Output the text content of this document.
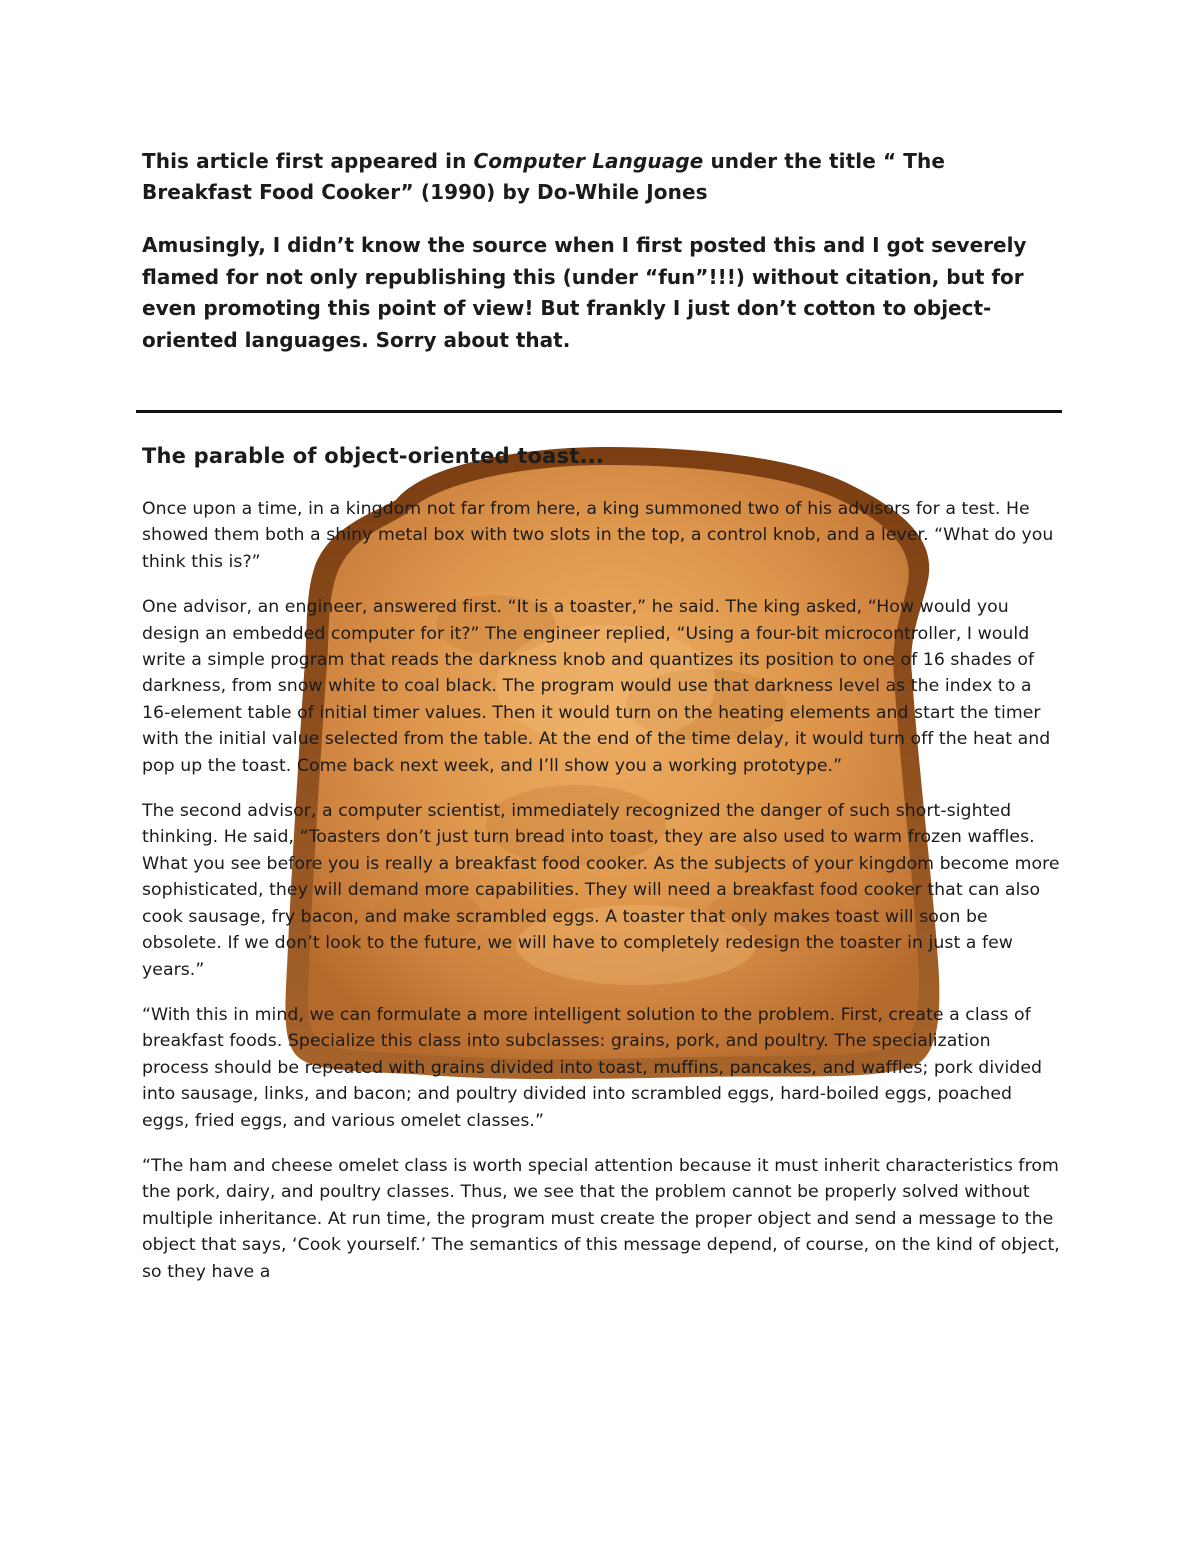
This article first appeared in Computer Language under the title “ The Breakfast Food Cooker” (1990) by Do-While Jones

Amusingly, I didn’t know the source when I first posted this and I got severely flamed for not only republishing this (under “fun”!!!) without citation, but for even promoting this point of view! But frankly I just don’t cotton to object-oriented languages. Sorry about that.

The parable of object-oriented toast...

Once upon a time, in a kingdom not far from here, a king summoned two of his advisors for a test. He showed them both a shiny metal box with two slots in the top, a control knob, and a lever. “What do you think this is?”

One advisor, an engineer, answered first. “It is a toaster,” he said. The king asked, “How would you design an embedded computer for it?” The engineer replied, “Using a four-bit microcontroller, I would write a simple program that reads the darkness knob and quantizes its position to one of 16 shades of darkness, from snow white to coal black. The program would use that darkness level as the index to a 16-element table of initial timer values. Then it would turn on the heating elements and start the timer with the initial value selected from the table. At the end of the time delay, it would turn off the heat and pop up the toast. Come back next week, and I’ll show you a working prototype.”

The second advisor, a computer scientist, immediately recognized the danger of such short-sighted thinking. He said, “Toasters don’t just turn bread into toast, they are also used to warm frozen waffles. What you see before you is really a breakfast food cooker. As the subjects of your kingdom become more sophisticated, they will demand more capabilities. They will need a breakfast food cooker that can also cook sausage, fry bacon, and make scrambled eggs. A toaster that only makes toast will soon be obsolete. If we don’t look to the future, we will have to completely redesign the toaster in just a few years.”

“With this in mind, we can formulate a more intelligent solution to the problem. First, create a class of breakfast foods. Specialize this class into subclasses: grains, pork, and poultry. The specialization process should be repeated with grains divided into toast, muffins, pancakes, and waffles; pork divided into sausage, links, and bacon; and poultry divided into scrambled eggs, hard-boiled eggs, poached eggs, fried eggs, and various omelet classes.”

“The ham and cheese omelet class is worth special attention because it must inherit characteristics from the pork, dairy, and poultry classes. Thus, we see that the problem cannot be properly solved without multiple inheritance. At run time, the program must create the proper object and send a message to the object that says, ‘Cook yourself.’ The semantics of this message depend, of course, on the kind of object, so they have a
